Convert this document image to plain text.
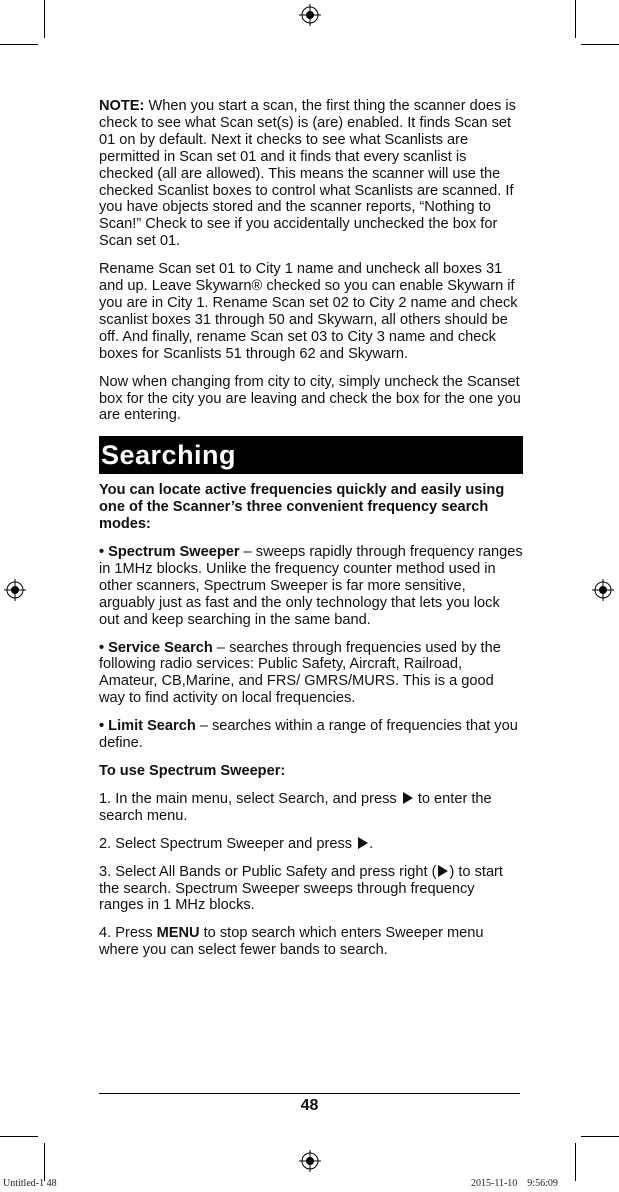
NOTE: When you start a scan, the first thing the scanner does is check to see what Scan set(s) is (are) enabled. It finds Scan set 01 on by default. Next it checks to see what Scanlists are permitted in Scan set 01 and it finds that every scanlist is checked (all are allowed). This means the scanner will use the checked Scanlist boxes to control what Scanlists are scanned. If you have objects stored and the scanner reports, “Nothing to Scan!” Check to see if you accidentally unchecked the box for Scan set 01.

Rename Scan set 01 to City 1 name and uncheck all boxes 31 and up. Leave Skywarn® checked so you can enable Skywarn if you are in City 1. Rename Scan set 02 to City 2 name and check scanlist boxes 31 through 50 and Skywarn, all others should be off. And finally, rename Scan set 03 to City 3 name and check boxes for Scanlists 51 through 62 and Skywarn.

Now when changing from city to city, simply uncheck the Scanset box for the city you are leaving and check the box for the one you are entering.

Searching

You can locate active frequencies quickly and easily using one of the Scanner’s three convenient frequency search modes:

• Spectrum Sweeper – sweeps rapidly through frequency ranges in 1MHz blocks. Unlike the frequency counter method used in other scanners, Spectrum Sweeper is far more sensitive, arguably just as fast and the only technology that lets you lock out and keep searching in the same band.

• Service Search – searches through frequencies used by the following radio services: Public Safety, Aircraft, Railroad, Amateur, CB,Marine, and FRS/ GMRS/MURS. This is a good way to find activity on local frequencies.

• Limit Search – searches within a range of frequencies that you define.

To use Spectrum Sweeper:

1. In the main menu, select Search, and press  to enter the search menu.

2. Select Spectrum Sweeper and press .

3. Select All Bands or Public Safety and press right ( ) to start the search. Spectrum Sweeper sweeps through frequency ranges in 1 MHz blocks.

4. Press MENU to stop search which enters Sweeper menu where you can select fewer bands to search.

48
Untitled-1 48	2015-11-10    9:56:09
